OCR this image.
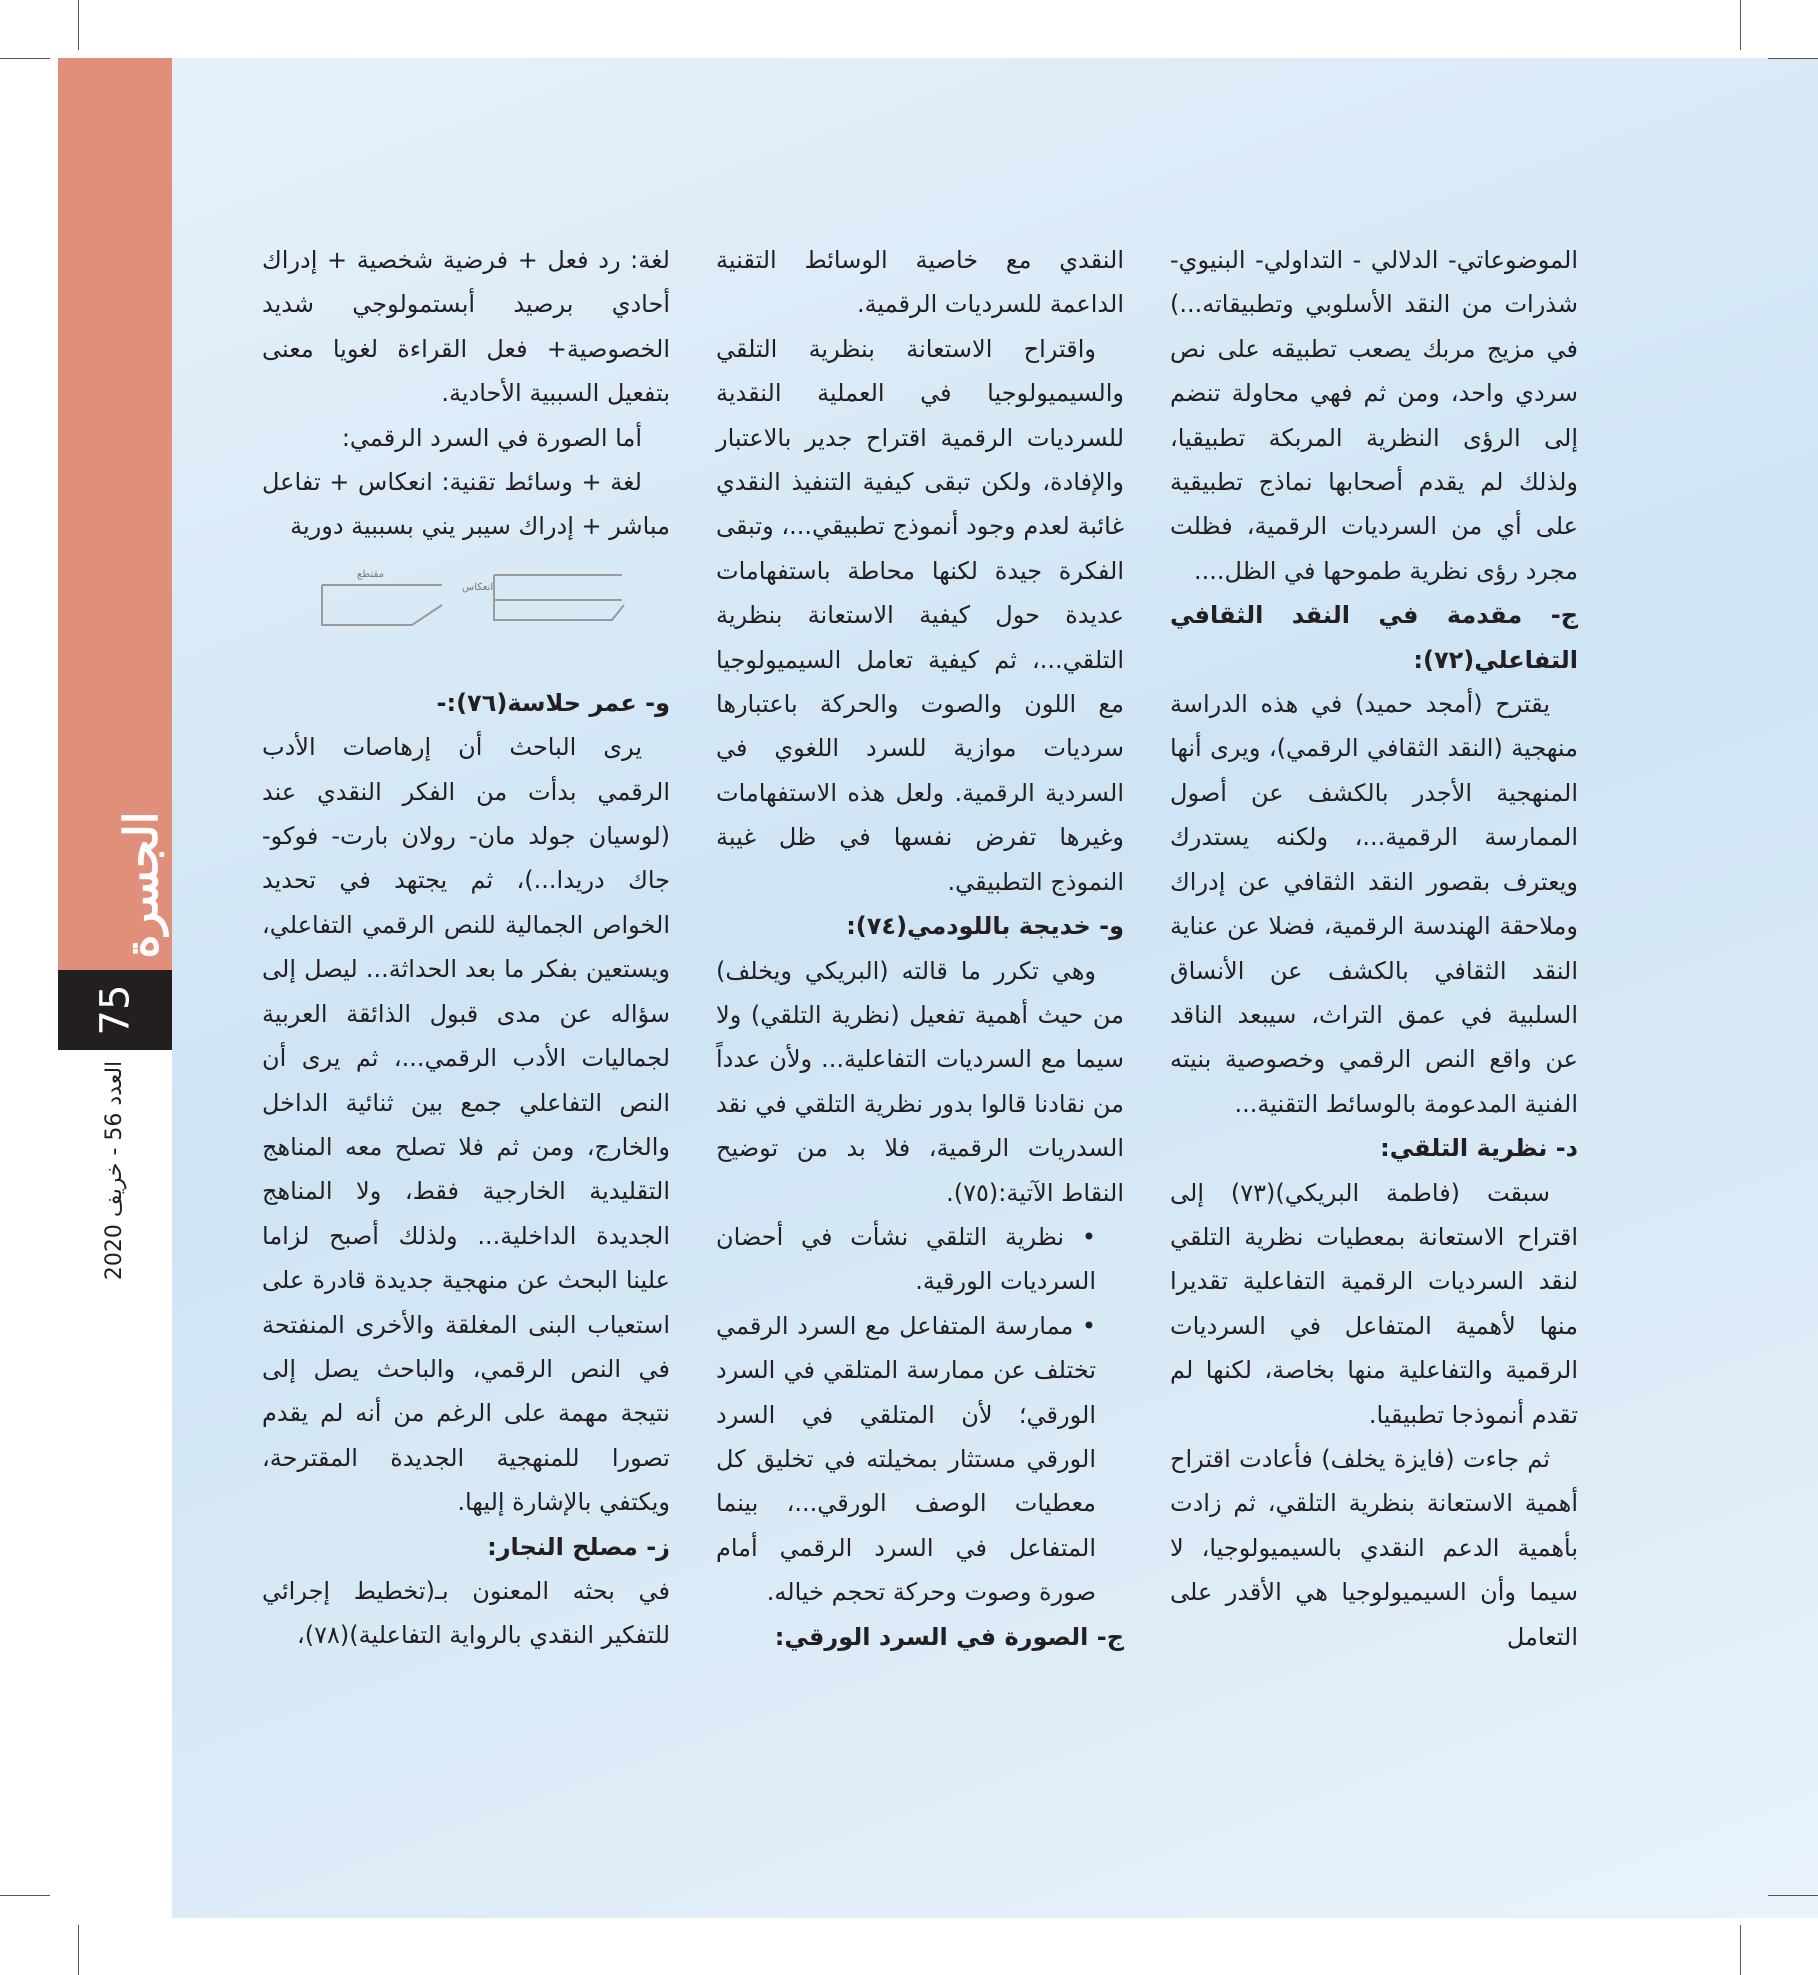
الجسرة
75
العدد 56 - خريف 2020

الموضوعاتي- الدلالي - التداولي- البنيوي- شذرات من النقد الأسلوبي وتطبيقاته...) في مزيج مربك يصعب تطبيقه على نص سردي واحد، ومن ثم فهي محاولة تنضم إلى الرؤى النظرية المربكة تطبيقيا، ولذلك لم يقدم أصحابها نماذج تطبيقية على أي من السرديات الرقمية، فظلت مجرد رؤى نظرية طموحها في الظل....

ج- مقدمة في النقد الثقافي التفاعلي(٧٢):

يقترح (أمجد حميد) في هذه الدراسة منهجية (النقد الثقافي الرقمي)، ويرى أنها المنهجية الأجدر بالكشف عن أصول الممارسة الرقمية...، ولكنه يستدرك ويعترف بقصور النقد الثقافي عن إدراك وملاحقة الهندسة الرقمية، فضلا عن عناية النقد الثقافي بالكشف عن الأنساق السلبية في عمق التراث، سيبعد الناقد عن واقع النص الرقمي وخصوصية بنيته الفنية المدعومة بالوسائط التقنية...

د- نظرية التلقي:

سبقت (فاطمة البريكي)(٧٣) إلى اقتراح الاستعانة بمعطيات نظرية التلقي لنقد السرديات الرقمية التفاعلية تقديرا منها لأهمية المتفاعل في السرديات الرقمية والتفاعلية منها بخاصة، لكنها لم تقدم أنموذجا تطبيقيا.

ثم جاءت (فايزة يخلف) فأعادت اقتراح أهمية الاستعانة بنظرية التلقي، ثم زادت بأهمية الدعم النقدي بالسيميولوجيا، لا سيما وأن السيميولوجيا هي الأقدر على التعامل

النقدي مع خاصية الوسائط التقنية الداعمة للسرديات الرقمية.

واقتراح الاستعانة بنظرية التلقي والسيميولوجيا في العملية النقدية للسرديات الرقمية اقتراح جدير بالاعتبار والإفادة، ولكن تبقى كيفية التنفيذ النقدي غائبة لعدم وجود أنموذج تطبيقي...، وتبقى الفكرة جيدة لكنها محاطة باستفهامات عديدة حول كيفية الاستعانة بنظرية التلقي...، ثم كيفية تعامل السيميولوجيا مع اللون والصوت والحركة باعتبارها سرديات موازية للسرد اللغوي في السردية الرقمية. ولعل هذه الاستفهامات وغيرها تفرض نفسها في ظل غيبة النموذج التطبيقي.

و- خديجة باللودمي(٧٤):

وهي تكرر ما قالته (البريكي ويخلف) من حيث أهمية تفعيل (نظرية التلقي) ولا سيما مع السرديات التفاعلية... ولأن عدداً من نقادنا قالوا بدور نظرية التلقي في نقد السدريات الرقمية، فلا بد من توضيح النقاط الآتية:(٧٥).

• نظرية التلقي نشأت في أحضان السرديات الورقية.

• ممارسة المتفاعل مع السرد الرقمي تختلف عن ممارسة المتلقي في السرد الورقي؛ لأن المتلقي في السرد الورقي مستثار بمخيلته في تخليق كل معطيات الوصف الورقي...، بينما المتفاعل في السرد الرقمي أمام صورة وصوت وحركة تحجم خياله.

ج- الصورة في السرد الورقي:

لغة: رد فعل + فرضية شخصية + إدراك أحادي برصيد أبستمولوجي شديد الخصوصية+ فعل القراءة لغويا معنى بتفعيل السببية الأحادية.

أما الصورة في السرد الرقمي:

لغة + وسائط تقنية: انعكاس + تفاعل مباشر + إدراك سيبر يني بسببية دورية

مقتطع
انعكاس

و- عمر حلاسة(٧٦):-

يرى الباحث أن إرهاصات الأدب الرقمي بدأت من الفكر النقدي عند (لوسيان جولد مان- رولان بارت- فوكو- جاك دريدا...)، ثم يجتهد في تحديد الخواص الجمالية للنص الرقمي التفاعلي، ويستعين بفكر ما بعد الحداثة... ليصل إلى سؤاله عن مدى قبول الذائقة العربية لجماليات الأدب الرقمي...، ثم يرى أن النص التفاعلي جمع بين ثنائية الداخل والخارج، ومن ثم فلا تصلح معه المناهج التقليدية الخارجية فقط، ولا المناهج الجديدة الداخلية... ولذلك أصبح لزاما علينا البحث عن منهجية جديدة قادرة على استعياب البنى المغلقة والأخرى المنفتحة في النص الرقمي، والباحث يصل إلى نتيجة مهمة على الرغم من أنه لم يقدم تصورا للمنهجية الجديدة المقترحة، ويكتفي بالإشارة إليها.

ز- مصلح النجار:

في بحثه المعنون بـ(تخطيط إجرائي للتفكير النقدي بالرواية التفاعلية)(٧٨)،
